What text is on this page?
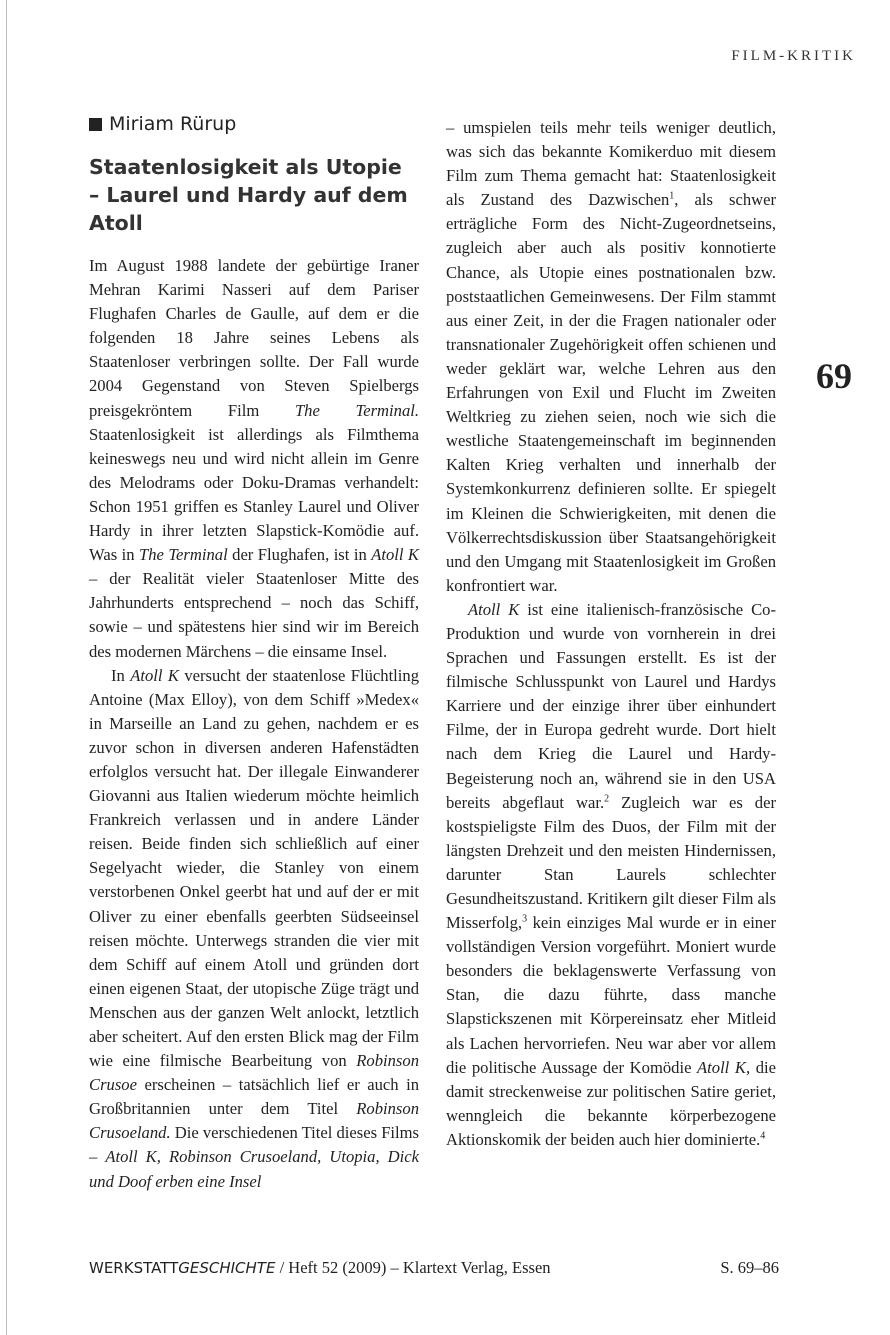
FILM-KRITIK
69
Miriam Rürup
Staatenlosigkeit als Utopie – Laurel und Hardy auf dem Atoll

Im August 1988 landete der gebürtige Iraner Mehran Karimi Nasseri auf dem Pariser Flughafen Charles de Gaulle, auf dem er die folgenden 18 Jahre seines Lebens als Staatenloser verbringen sollte. Der Fall wurde 2004 Gegenstand von Steven Spielbergs preisgekröntem Film The Terminal. Staatenlosigkeit ist allerdings als Filmthema keineswegs neu und wird nicht allein im Genre des Melodrams oder Doku-Dramas verhandelt: Schon 1951 griffen es Stanley Laurel und Oliver Hardy in ihrer letzten Slapstick-Komödie auf. Was in The Terminal der Flughafen, ist in Atoll K – der Realität vieler Staatenloser Mitte des Jahrhunderts entsprechend – noch das Schiff, sowie – und spätestens hier sind wir im Bereich des modernen Märchens – die einsame Insel.

In Atoll K versucht der staatenlose Flüchtling Antoine (Max Elloy), von dem Schiff »Medex« in Marseille an Land zu gehen, nachdem er es zuvor schon in diversen anderen Hafenstädten erfolglos versucht hat. Der illegale Einwanderer Giovanni aus Italien wiederum möchte heimlich Frankreich verlassen und in andere Länder reisen. Beide finden sich schließlich auf einer Segelyacht wieder, die Stanley von einem verstorbenen Onkel geerbt hat und auf der er mit Oliver zu einer ebenfalls geerbten Südseeinsel reisen möchte. Unterwegs stranden die vier mit dem Schiff auf einem Atoll und gründen dort einen eigenen Staat, der utopische Züge trägt und Menschen aus der ganzen Welt anlockt, letztlich aber scheitert. Auf den ersten Blick mag der Film wie eine filmische Bearbeitung von Robinson Crusoe erscheinen – tatsächlich lief er auch in Großbritannien unter dem Titel Robinson Crusoeland. Die verschiedenen Titel dieses Films – Atoll K, Robinson Crusoeland, Utopia, Dick und Doof erben eine Insel

– umspielen teils mehr teils weniger deutlich, was sich das bekannte Komikerduo mit diesem Film zum Thema gemacht hat: Staatenlosigkeit als Zustand des Dazwischen$^1$, als schwer erträgliche Form des Nicht-Zugeordnetseins, zugleich aber auch als positiv konnotierte Chance, als Utopie eines postnationalen bzw. poststaatlichen Gemeinwesens. Der Film stammt aus einer Zeit, in der die Fragen nationaler oder transnationaler Zugehörigkeit offen schienen und weder geklärt war, welche Lehren aus den Erfahrungen von Exil und Flucht im Zweiten Weltkrieg zu ziehen seien, noch wie sich die westliche Staatengemeinschaft im beginnenden Kalten Krieg verhalten und innerhalb der Systemkonkurrenz definieren sollte. Er spiegelt im Kleinen die Schwierigkeiten, mit denen die Völkerrechtsdiskussion über Staatsangehörigkeit und den Umgang mit Staatenlosigkeit im Großen konfrontiert war.

Atoll K ist eine italienisch-französische Co-Produktion und wurde von vornherein in drei Sprachen und Fassungen erstellt. Es ist der filmische Schlusspunkt von Laurel und Hardys Karriere und der einzige ihrer über einhundert Filme, der in Europa gedreht wurde. Dort hielt nach dem Krieg die Laurel und Hardy-Begeisterung noch an, während sie in den USA bereits abgeflaut war.$^2$ Zugleich war es der kostspieligste Film des Duos, der Film mit der längsten Drehzeit und den meisten Hindernissen, darunter Stan Laurels schlechter Gesundheitszustand. Kritikern gilt dieser Film als Misserfolg,$^3$ kein einziges Mal wurde er in einer vollständigen Version vorgeführt. Moniert wurde besonders die beklagenswerte Verfassung von Stan, die dazu führte, dass manche Slapstickszenen mit Körpereinsatz eher Mitleid als Lachen hervorriefen. Neu war aber vor allem die politische Aussage der Komödie Atoll K, die damit streckenweise zur politischen Satire geriet, wenngleich die bekannte körperbezogene Aktionskomik der beiden auch hier dominierte.$^4$

WERKSTATTGESCHICHTE / Heft 52 (2009) – Klartext Verlag, Essen	S. 69–86
